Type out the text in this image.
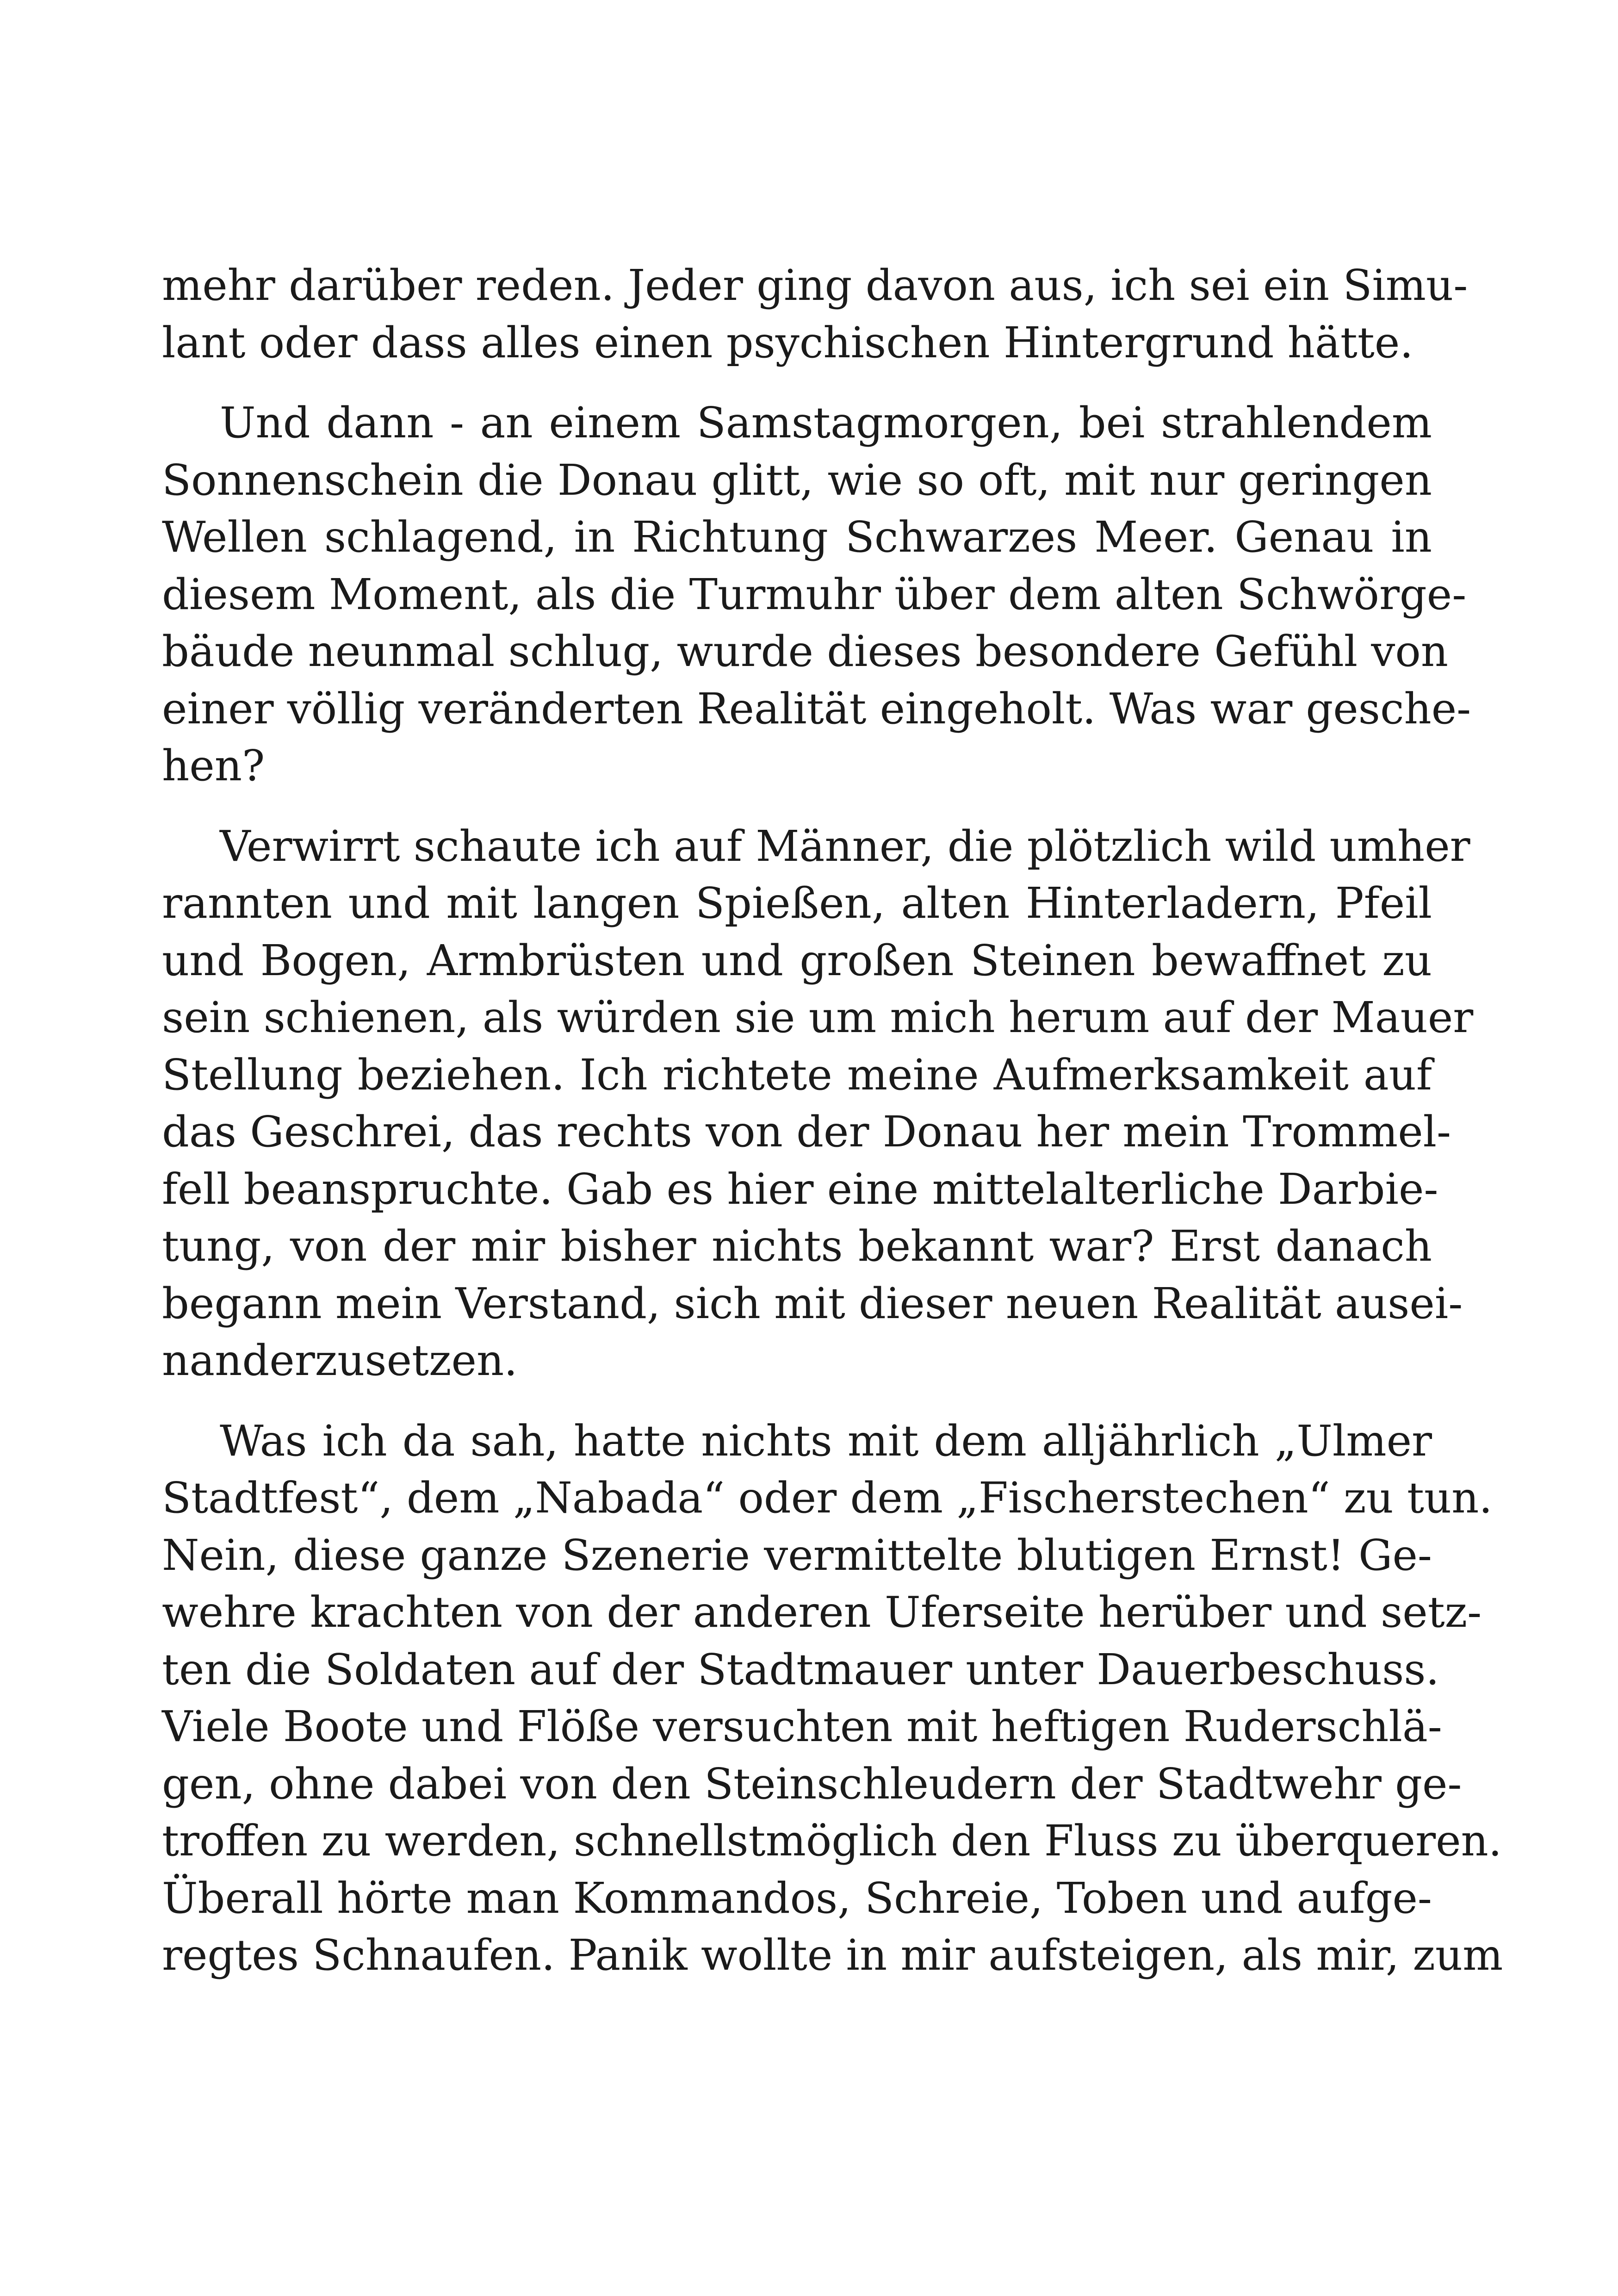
mehr darüber reden. Jeder ging davon aus, ich sei ein Simu-
lant oder dass alles einen psychischen Hintergrund hätte.
Und dann - an einem Samstagmorgen, bei strahlendem
Sonnenschein die Donau glitt, wie so oft, mit nur geringen
Wellen schlagend, in Richtung Schwarzes Meer. Genau in
diesem Moment, als die Turmuhr über dem alten Schwörge-
bäude neunmal schlug, wurde dieses besondere Gefühl von
einer völlig veränderten Realität eingeholt. Was war gesche-
hen?
Verwirrt schaute ich auf Männer, die plötzlich wild umher
rannten und mit langen Spießen, alten Hinterladern, Pfeil
und Bogen, Armbrüsten und großen Steinen bewaffnet zu
sein schienen, als würden sie um mich herum auf der Mauer
Stellung beziehen. Ich richtete meine Aufmerksamkeit auf
das Geschrei, das rechts von der Donau her mein Trommel-
fell beanspruchte. Gab es hier eine mittelalterliche Darbie-
tung, von der mir bisher nichts bekannt war? Erst danach
begann mein Verstand, sich mit dieser neuen Realität ausei-
nanderzusetzen.
Was ich da sah, hatte nichts mit dem alljährlich „Ulmer
Stadtfest“, dem „Nabada“ oder dem „Fischerstechen“ zu tun.
Nein, diese ganze Szenerie vermittelte blutigen Ernst! Ge-
wehre krachten von der anderen Uferseite herüber und setz-
ten die Soldaten auf der Stadtmauer unter Dauerbeschuss.
Viele Boote und Flöße versuchten mit heftigen Ruderschlä-
gen, ohne dabei von den Steinschleudern der Stadtwehr ge-
troffen zu werden, schnellstmöglich den Fluss zu überqueren.
Überall hörte man Kommandos, Schreie, Toben und aufge-
regtes Schnaufen. Panik wollte in mir aufsteigen, als mir, zum
